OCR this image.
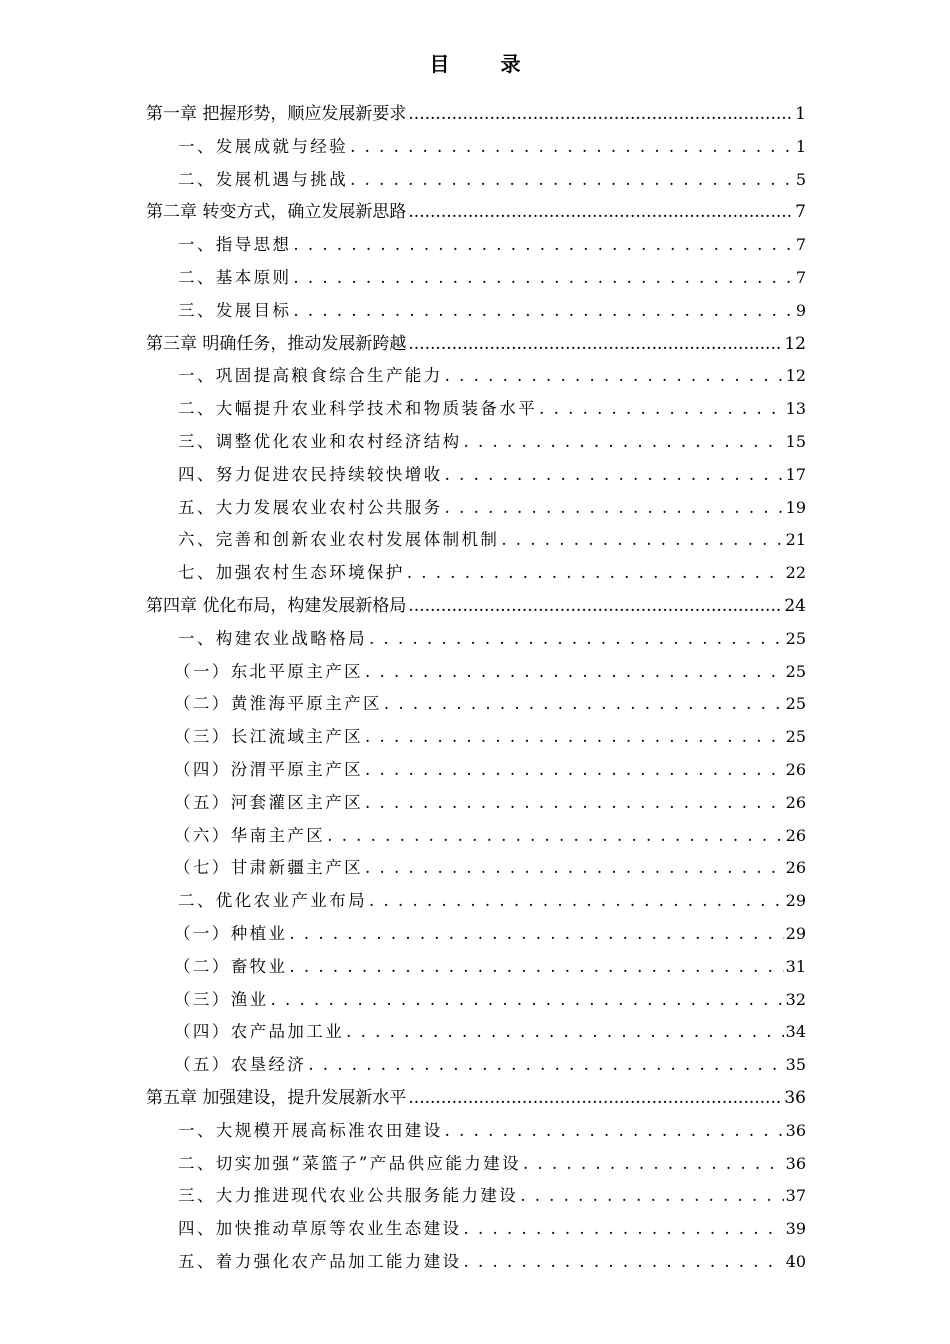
目 录
第一章 把握形势，顺应发展新要求 .....	1
一、发展成就与经验 . . .	1
二、发展机遇与挑战 . . .	5
第二章 转变方式，确立发展新思路 .....	7
一、指导思想 . . .	7
二、基本原则 . . .	7
三、发展目标 . . .	9
第三章 明确任务，推动发展新跨越 .....	12
一、巩固提高粮食综合生产能力 . . .	12
二、大幅提升农业科学技术和物质装备水平 . . .	13
三、调整优化农业和农村经济结构 . . .	15
四、努力促进农民持续较快增收 . . .	17
五、大力发展农业农村公共服务 . . .	19
六、完善和创新农业农村发展体制机制 . . .	21
七、加强农村生态环境保护 . . .	22
第四章 优化布局，构建发展新格局 .....	24
一、构建农业战略格局 . . .	25
（一）东北平原主产区 . . .	25
（二）黄淮海平原主产区 . . .	25
（三）长江流域主产区 . . .	25
（四）汾渭平原主产区 . . .	26
（五）河套灌区主产区 . . .	26
（六）华南主产区 . . .	26
（七）甘肃新疆主产区 . . .	26
二、优化农业产业布局 . . .	29
（一）种植业 . . .	29
（二）畜牧业 . . .	31
（三）渔业 . . .	32
（四）农产品加工业 . . .	34
（五）农垦经济 . . .	35
第五章 加强建设，提升发展新水平 .....	36
一、大规模开展高标准农田建设 . . .	36
二、切实加强“菜篮子”产品供应能力建设 . . .	36
三、大力推进现代农业公共服务能力建设 . . .	37
四、加快推动草原等农业生态建设 . . .	39
五、着力强化农产品加工能力建设 . . .	40
